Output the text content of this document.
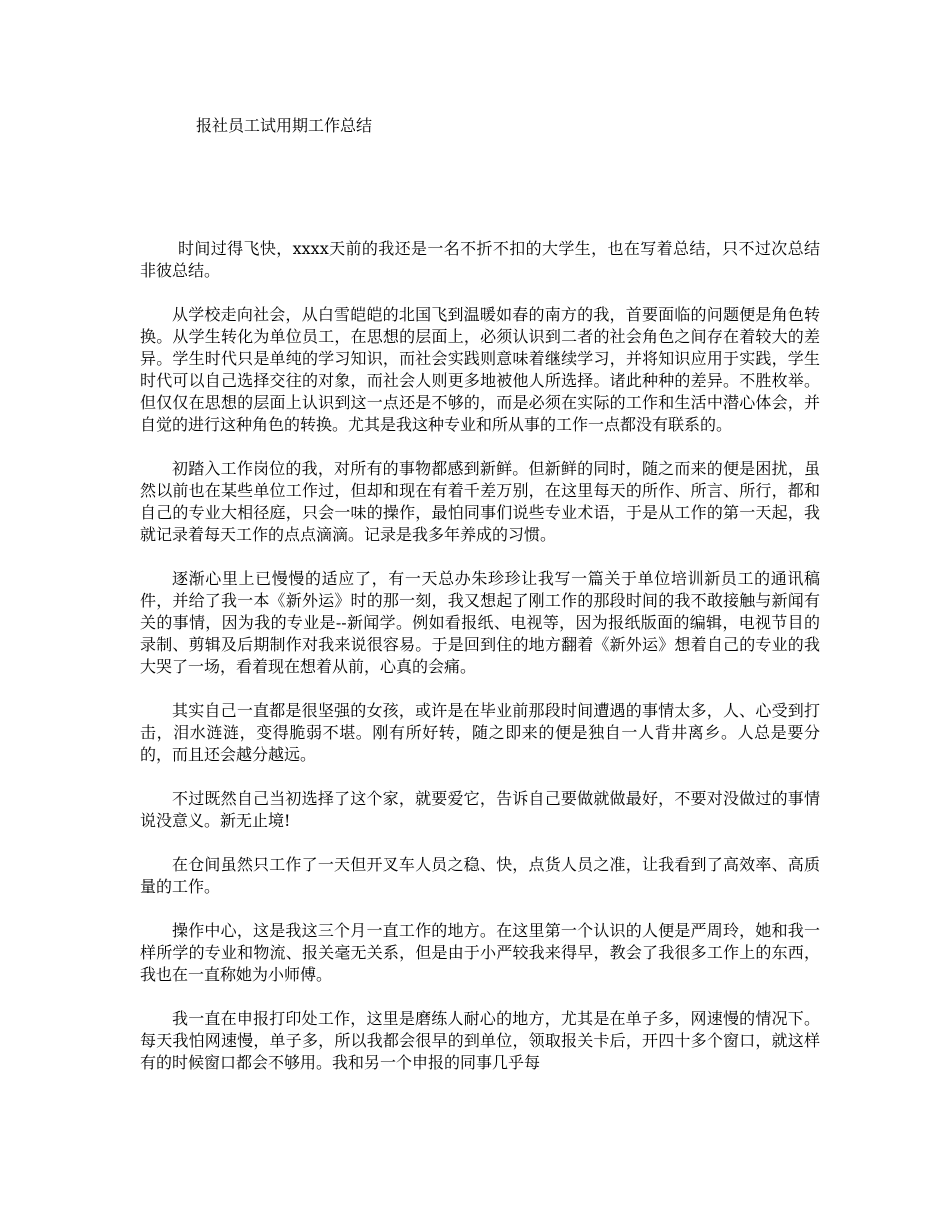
报社员工试用期工作总结

时间过得飞快，xxxx天前的我还是一名不折不扣的大学生，也在写着总结，只不过次总结非彼总结。

从学校走向社会，从白雪皑皑的北国飞到温暖如春的南方的我，首要面临的问题便是角色转换。从学生转化为单位员工，在思想的层面上，必须认识到二者的社会角色之间存在着较大的差异。学生时代只是单纯的学习知识，而社会实践则意味着继续学习，并将知识应用于实践，学生时代可以自己选择交往的对象，而社会人则更多地被他人所选择。诸此种种的差异。不胜枚举。但仅仅在思想的层面上认识到这一点还是不够的，而是必须在实际的工作和生活中潜心体会，并自觉的进行这种角色的转换。尤其是我这种专业和所从事的工作一点都没有联系的。

初踏入工作岗位的我，对所有的事物都感到新鲜。但新鲜的同时，随之而来的便是困扰，虽然以前也在某些单位工作过，但却和现在有着千差万别，在这里每天的所作、所言、所行，都和自己的专业大相径庭，只会一味的操作，最怕同事们说些专业术语，于是从工作的第一天起，我就记录着每天工作的点点滴滴。记录是我多年养成的习惯。

逐渐心里上已慢慢的适应了，有一天总办朱珍珍让我写一篇关于单位培训新员工的通讯稿件，并给了我一本《新外运》时的那一刻，我又想起了刚工作的那段时间的我不敢接触与新闻有关的事情，因为我的专业是--新闻学。例如看报纸、电视等，因为报纸版面的编辑，电视节目的录制、剪辑及后期制作对我来说很容易。于是回到住的地方翻着《新外运》想着自己的专业的我大哭了一场，看着现在想着从前，心真的会痛。

其实自己一直都是很坚强的女孩，或许是在毕业前那段时间遭遇的事情太多，人、心受到打击，泪水涟涟，变得脆弱不堪。刚有所好转，随之即来的便是独自一人背井离乡。人总是要分的，而且还会越分越远。

不过既然自己当初选择了这个家，就要爱它，告诉自己要做就做最好，不要对没做过的事情说没意义。新无止境!

在仓间虽然只工作了一天但开叉车人员之稳、快，点货人员之准，让我看到了高效率、高质量的工作。

操作中心，这是我这三个月一直工作的地方。在这里第一个认识的人便是严周玲，她和我一样所学的专业和物流、报关毫无关系，但是由于小严较我来得早，教会了我很多工作上的东西，我也在一直称她为小师傅。

我一直在申报打印处工作，这里是磨练人耐心的地方，尤其是在单子多，网速慢的情况下。每天我怕网速慢，单子多，所以我都会很早的到单位，领取报关卡后，开四十多个窗口，就这样有的时候窗口都会不够用。我和另一个申报的同事几乎每
